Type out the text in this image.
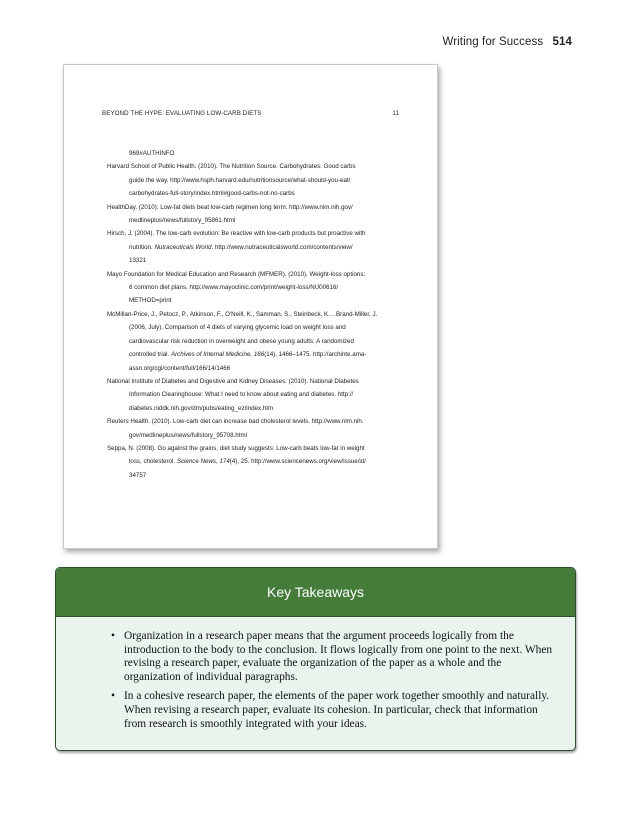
Writing for Success 514
BEYOND THE HYPE: EVALUATING LOW-CARB DIETS	11
969#AUTHINFO
Harvard School of Public Health. (2010). The Nutrition Source. Carbohydrates: Good carbs
guide the way. http://www.hsph.harvard.edu/nutritionsource/what-should-you-eat/
carbohydrates-full-story/index.html#good-carbs-not-no-carbs
HealthDay. (2010). Low-fat diets beat low-carb regimen long term. http://www.nlm.nih.gov/
medlineplus/news/fullstory_95861.html
Hirsch, J. (2004). The low-carb evolution: Be reactive with low-carb products but proactive with
nutrition. Nutraceuticals World. http://www.nutraceuticalsworld.com/contents/view/
13321
Mayo Foundation for Medical Education and Research (MFMER). (2010). Weight-loss options:
6 common diet plans. http://www.mayoclinic.com/print/weight-loss/NU00616/
METHOD=print
McMillan-Price, J., Petocz, P., Atkinson, F., O'Neill, K., Samman, S., Steinbeck, K.…Brand-Miller, J.
(2006, July). Comparison of 4 diets of varying glycemic load on weight loss and
cardiovascular risk reduction in overweight and obese young adults: A randomized
controlled trial. Archives of Internal Medicine, 166(14), 1466–1475. http://archinte.ama-
assn.org/cgi/content/full/166/14/1466
National Institute of Diabetes and Digestive and Kidney Diseases. (2010). National Diabetes
Information Clearinghouse: What I need to know about eating and diabetes. http://
diabetes.niddk.nih.gov/dm/pubs/eating_ez/index.htm
Reuters Health. (2010). Low-carb diet can increase bad cholesterol levels. http://www.nlm.nih.
gov/medlineplus/news/fullstory_95708.html
Seppa, N. (2008). Go against the grains, diet study suggests: Low-carb beats low-fat in weight
loss, cholesterol. Science News, 174(4), 25. http://www.sciencenews.org/view/issue/id/
34757
Key Takeaways
• Organization in a research paper means that the argument proceeds logically from the introduction to the body to the conclusion. It flows logically from one point to the next. When revising a research paper, evaluate the organization of the paper as a whole and the organization of individual paragraphs.
• In a cohesive research paper, the elements of the paper work together smoothly and naturally. When revising a research paper, evaluate its cohesion. In particular, check that information from research is smoothly integrated with your ideas.
